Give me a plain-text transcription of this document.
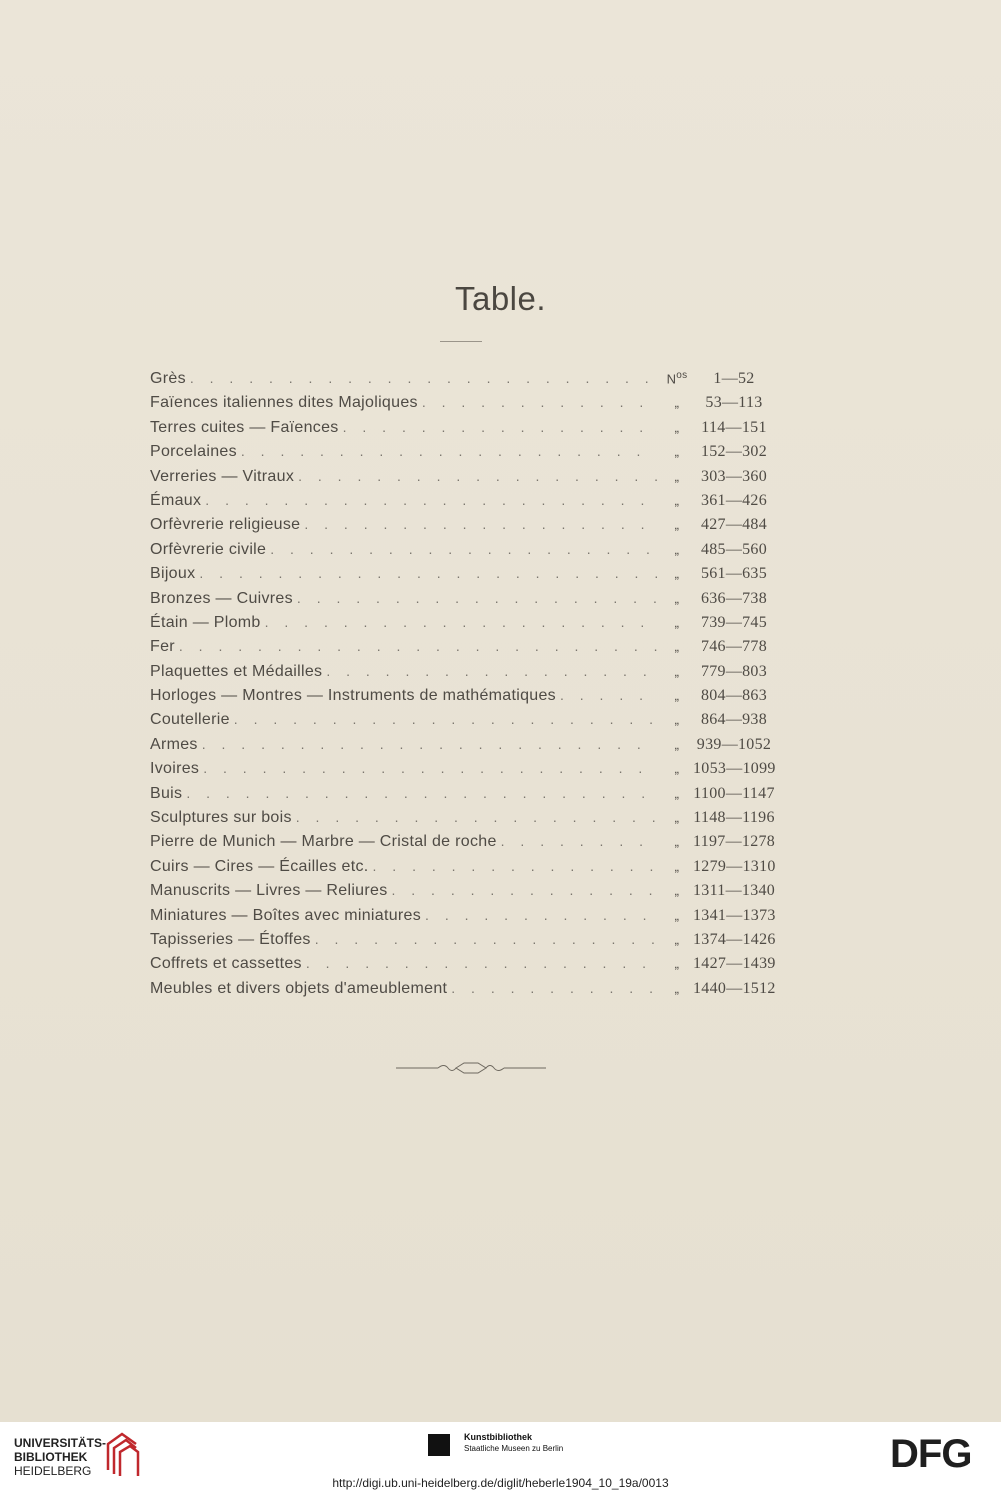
Table.
Grès . . .	$N^{os}$	1—52
Faïences italiennes dites Majoliques . . .	„	53—113
Terres cuites — Faïences . . .	„	114—151
Porcelaines . . .	„	152—302
Verreries — Vitraux . . .	„	303—360
Émaux . . .	„	361—426
Orfèvrerie religieuse . . .	„	427—484
Orfèvrerie civile . . .	„	485—560
Bijoux . . .	„	561—635
Bronzes — Cuivres . . .	„	636—738
Étain — Plomb . . .	„	739—745
Fer . . .	„	746—778
Plaquettes et Médailles . . .	„	779—803
Horloges — Montres — Instruments de mathématiques . . .	„	804—863
Coutellerie . . .	„	864—938
Armes . . .	„	939—1052
Ivoires . . .	„ 1053—1099
Buis . . .	„ 1100—1147
Sculptures sur bois . . .	„ 1148—1196
Pierre de Munich — Marbre — Cristal de roche . . .	„ 1197—1278
Cuirs — Cires — Écailles etc. . . .	„ 1279—1310
Manuscrits — Livres — Reliures . . .	„ 1311—1340
Miniatures — Boîtes avec miniatures . . .	„ 1341—1373
Tapisseries — Étoffes . . .	„ 1374—1426
Coffrets et cassettes . . .	„ 1427—1439
Meubles et divers objets d'ameublement . . .	„ 1440—1512
UNIVERSITÄTS-
BIBLIOTHEK
HEIDELBERG
Kunstbibliothek
Staatliche Museen zu Berlin	DFG
http://digi.ub.uni-heidelberg.de/diglit/heberle1904_10_19a/0013
